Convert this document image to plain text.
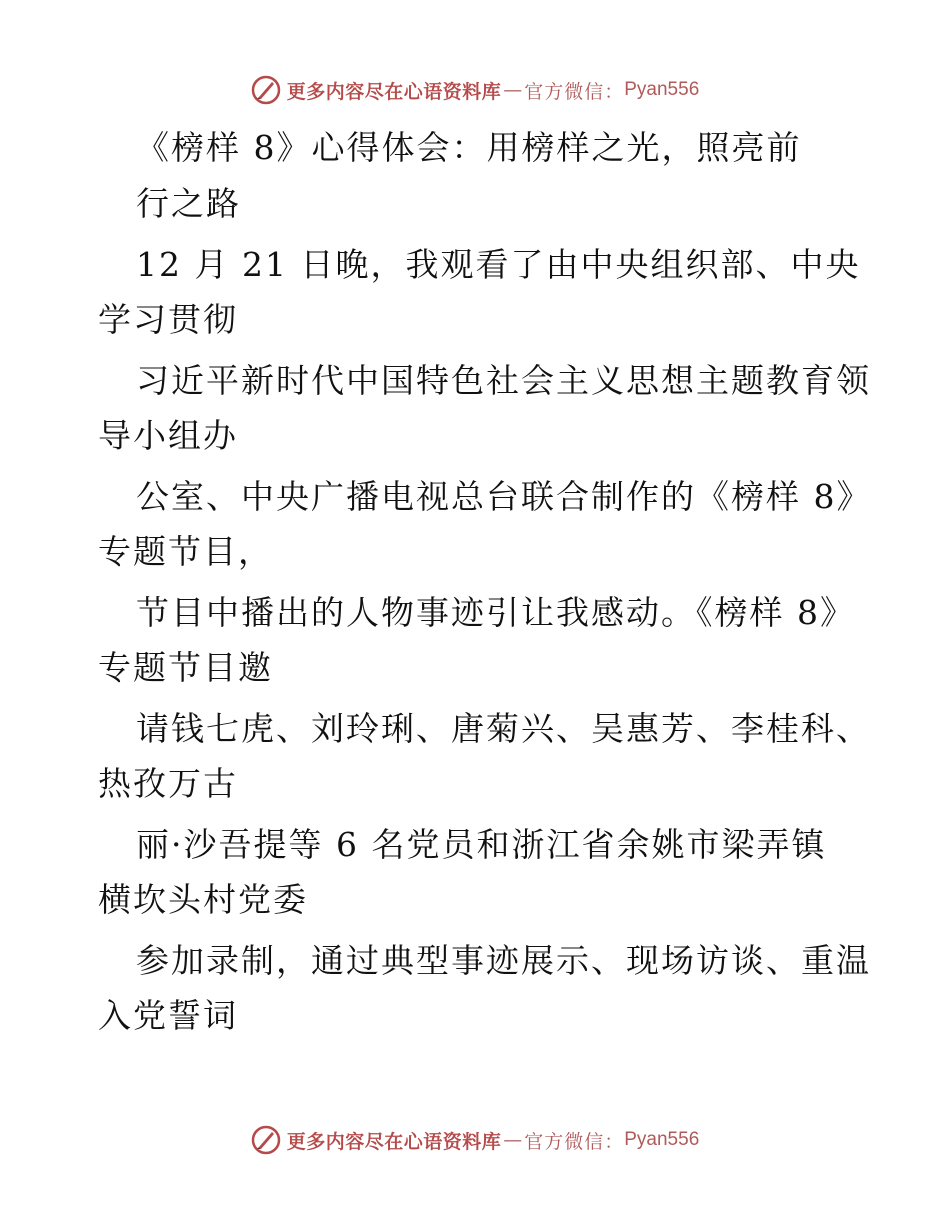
更多内容尽在心语资料库 — 官方微信： Pyan556
《榜样 8》心得体会：用榜样之光，照亮前
行之路
12 月 21 日晚，我观看了由中央组织部、中央
学习贯彻
习近平新时代中国特色社会主义思想主题教育领
导小组办
公室、中央广播电视总台联合制作的《榜样 8》
专题节目，
节目中播出的人物事迹引让我感动。《榜样 8》
专题节目邀
请钱七虎、刘玲琍、唐菊兴、吴惠芳、李桂科、
热孜万古
丽·沙吾提等 6 名党员和浙江省余姚市梁弄镇
横坎头村党委
参加录制，通过典型事迹展示、现场访谈、重温
入党誓词
更多内容尽在心语资料库 — 官方微信： Pyan556
